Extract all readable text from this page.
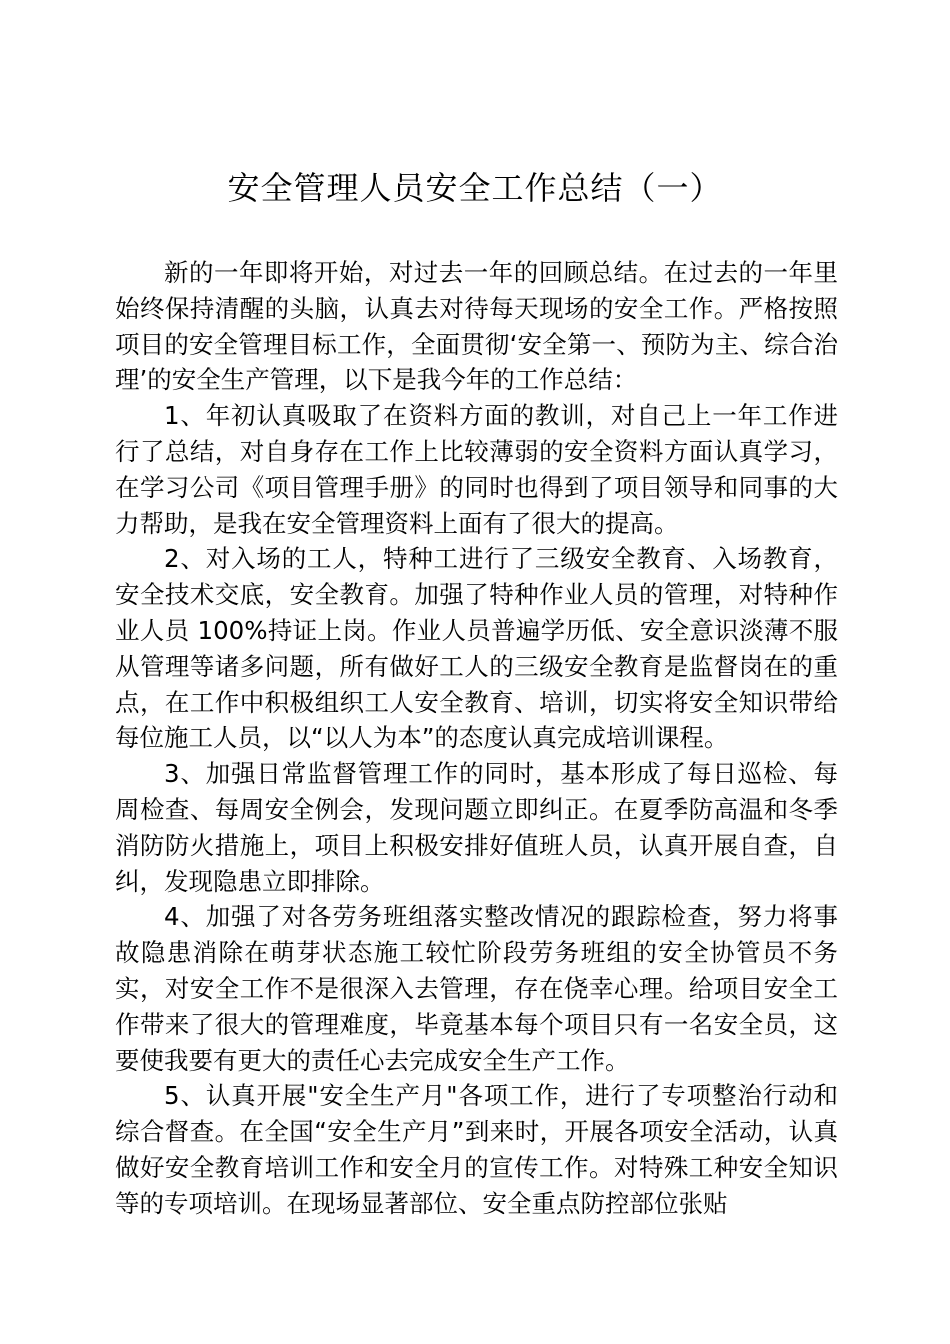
安全管理人员安全工作总结（一）

新的一年即将开始，对过去一年的回顾总结。在过去的一年里始终保持清醒的头脑，认真去对待每天现场的安全工作。严格按照项目的安全管理目标工作，全面贯彻‘安全第一、预防为主、综合治理’的安全生产管理，以下是我今年的工作总结：

1、年初认真吸取了在资料方面的教训，对自己上一年工作进行了总结，对自身存在工作上比较薄弱的安全资料方面认真学习，在学习公司《项目管理手册》的同时也得到了项目领导和同事的大力帮助，是我在安全管理资料上面有了很大的提高。

2、对入场的工人，特种工进行了三级安全教育、入场教育，安全技术交底，安全教育。加强了特种作业人员的管理，对特种作业人员 100%持证上岗。作业人员普遍学历低、安全意识淡薄不服从管理等诸多问题，所有做好工人的三级安全教育是监督岗在的重点，在工作中积极组织工人安全教育、培训，切实将安全知识带给每位施工人员，以“以人为本”的态度认真完成培训课程。

3、加强日常监督管理工作的同时，基本形成了每日巡检、每周检查、每周安全例会，发现问题立即纠正。在夏季防高温和冬季消防防火措施上，项目上积极安排好值班人员，认真开展自查，自纠，发现隐患立即排除。

4、加强了对各劳务班组落实整改情况的跟踪检查，努力将事故隐患消除在萌芽状态施工较忙阶段劳务班组的安全协管员不务实，对安全工作不是很深入去管理，存在侥幸心理。给项目安全工作带来了很大的管理难度，毕竟基本每个项目只有一名安全员，这要使我要有更大的责任心去完成安全生产工作。

5、认真开展"安全生产月"各项工作，进行了专项整治行动和综合督查。在全国“安全生产月”到来时，开展各项安全活动，认真做好安全教育培训工作和安全月的宣传工作。对特殊工种安全知识等的专项培训。在现场显著部位、安全重点防控部位张贴
